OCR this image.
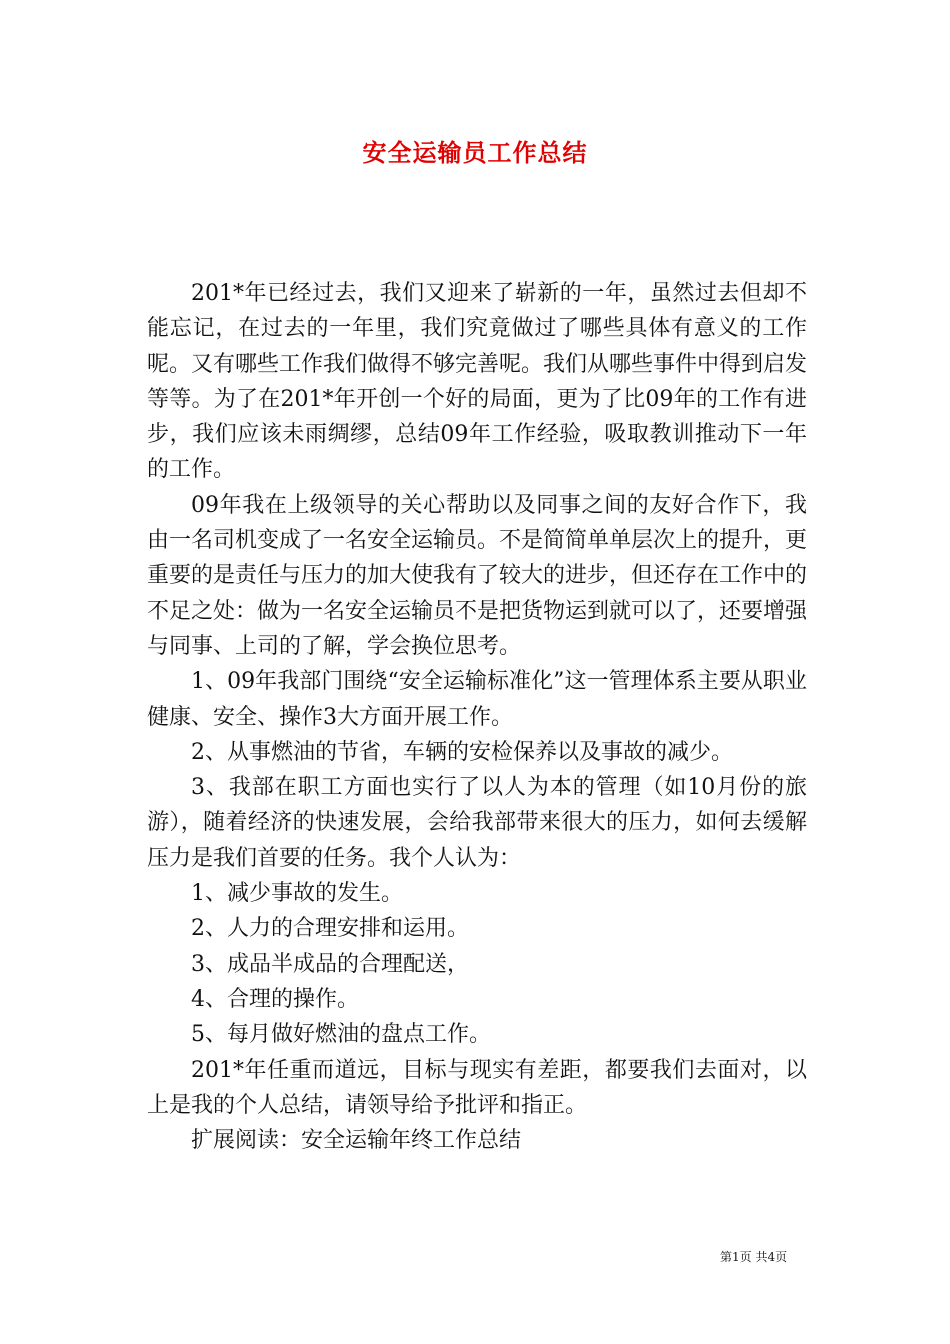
安全运输员工作总结

201*年已经过去，我们又迎来了崭新的一年，虽然过去但却不能忘记，在过去的一年里，我们究竟做过了哪些具体有意义的工作呢。又有哪些工作我们做得不够完善呢。我们从哪些事件中得到启发等等。为了在201*年开创一个好的局面，更为了比09年的工作有进步，我们应该未雨绸缪，总结09年工作经验，吸取教训推动下一年的工作。

09年我在上级领导的关心帮助以及同事之间的友好合作下，我由一名司机变成了一名安全运输员。不是简简单单层次上的提升，更重要的是责任与压力的加大使我有了较大的进步，但还存在工作中的不足之处：做为一名安全运输员不是把货物运到就可以了，还要增强与同事、上司的了解，学会换位思考。

1、09年我部门围绕“安全运输标准化”这一管理体系主要从职业健康、安全、操作3大方面开展工作。

2、从事燃油的节省，车辆的安检保养以及事故的减少。

3、我部在职工方面也实行了以人为本的管理（如10月份的旅游），随着经济的快速发展，会给我部带来很大的压力，如何去缓解压力是我们首要的任务。我个人认为：

1、减少事故的发生。

2、人力的合理安排和运用。

3、成品半成品的合理配送，

4、合理的操作。

5、每月做好燃油的盘点工作。

201*年任重而道远，目标与现实有差距，都要我们去面对，以上是我的个人总结，请领导给予批评和指正。

扩展阅读：安全运输年终工作总结

第1页 共4页
